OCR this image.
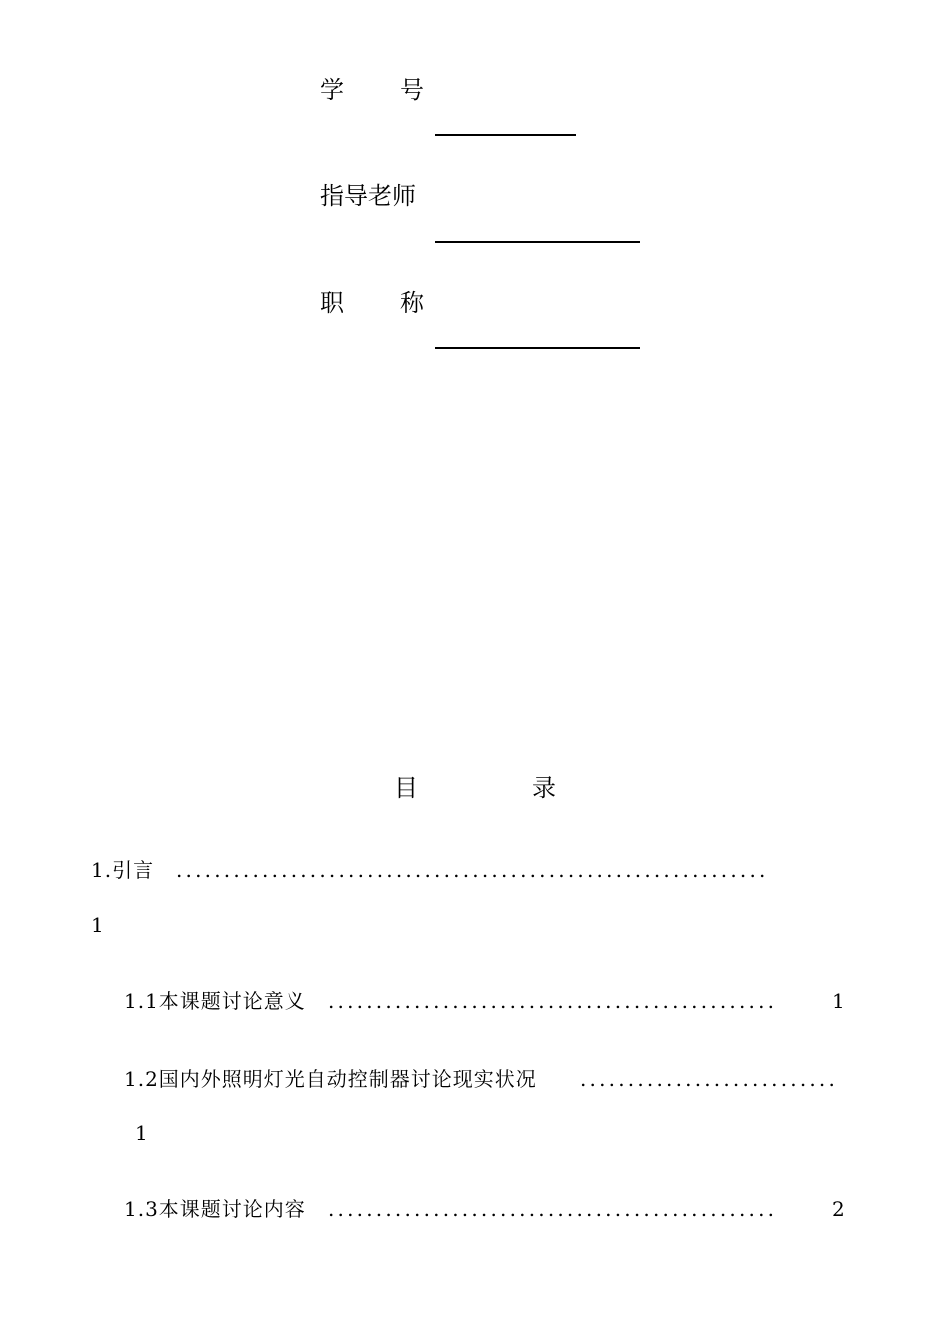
学 号
指导老师
职 称
目	录
1.引言 ..............................................................
1
1.1本课题讨论意义 ...............................................	1
1.2国内外照明灯光自动控制器讨论现实状况 ...........................
1
1.3本课题讨论内容 ...............................................	2
